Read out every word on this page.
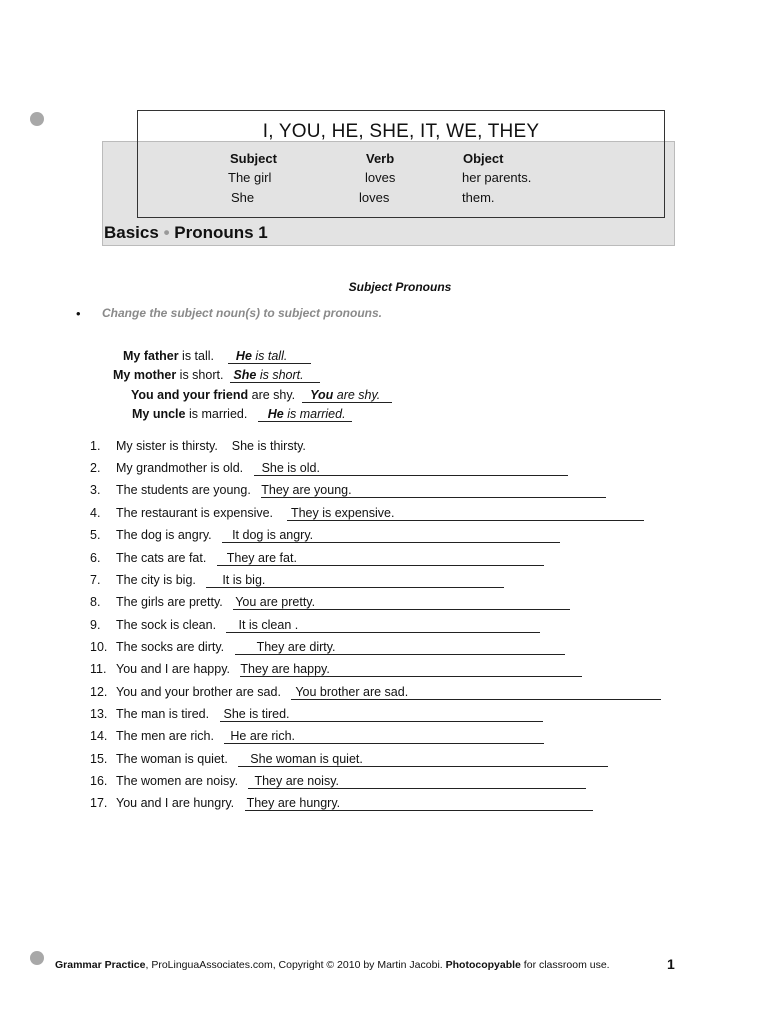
I, YOU, HE, SHE, IT, WE, THEY
Subject	Verb	Object
The girl	loves	her parents.
She	loves	them.
Basics • Pronouns 1
Subject Pronouns
• Change the subject noun(s) to subject pronouns.
My father is tall. He is tall.
My mother is short. She is short.
You and your friend are shy. You are shy.
My uncle is married. He is married.
1. My sister is thirsty. She is thirsty.
2. My grandmother is old. She is old.
3. The students are young. They are young.
4. The restaurant is expensive. They is expensive.
5. The dog is angry. It dog is angry.
6. The cats are fat. They are fat.
7. The city is big. It is big.
8. The girls are pretty. You are pretty.
9. The sock is clean. It is clean .
10. The socks are dirty.	They are dirty.
11. You and I are happy. They are happy.
12. You and your brother are sad. You brother are sad.
13. The man is tired. She is tired.
14. The men are rich. He are rich.
15. The woman is quiet. She woman is quiet.
16. The women are noisy. They are noisy.
17. You and I are hungry. They are hungry.
Grammar Practice, ProLinguaAssociates.com, Copyright © 2010 by Martin Jacobi. Photocopyable for classroom use.	1
